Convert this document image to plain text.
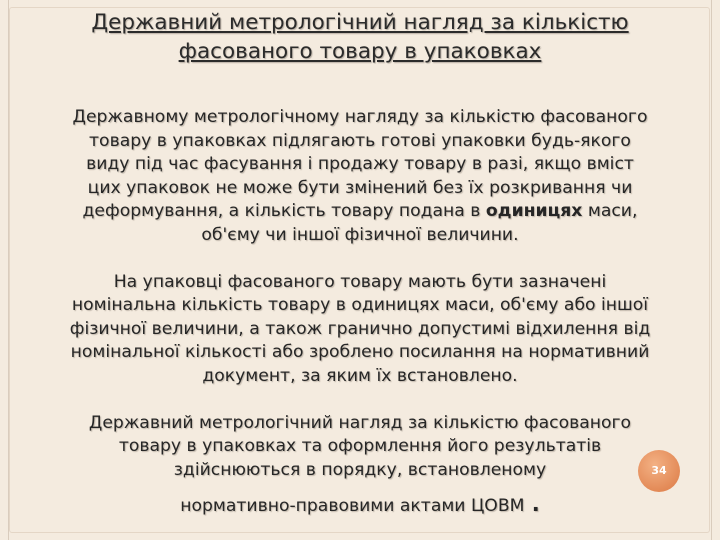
Державний метрологічний нагляд за кількістю
фасованого товару в упаковках

Державному метрологічному нагляду за кількістю фасованого
товару в упаковках підлягають готові упаковки будь-якого
виду під час фасування і продажу товару в разі, якщо вміст
цих упаковок не може бути змінений без їх розкривання чи
деформування, а кількість товару подана в одиницях маси,
об'єму чи іншої фізичної величини.

На упаковці фасованого товару мають бути зазначені
номінальна кількість товару в одиницях маси, об'єму або іншої
фізичної величини, а також гранично допустимі відхилення від
номінальної кількості або зроблено посилання на нормативний
документ, за яким їх встановлено.

Державний метрологічний нагляд за кількістю фасованого
товару в упаковках та оформлення його результатів
здійснюються в порядку, встановленому
нормативно-правовими актами ЦОВМ .

34
